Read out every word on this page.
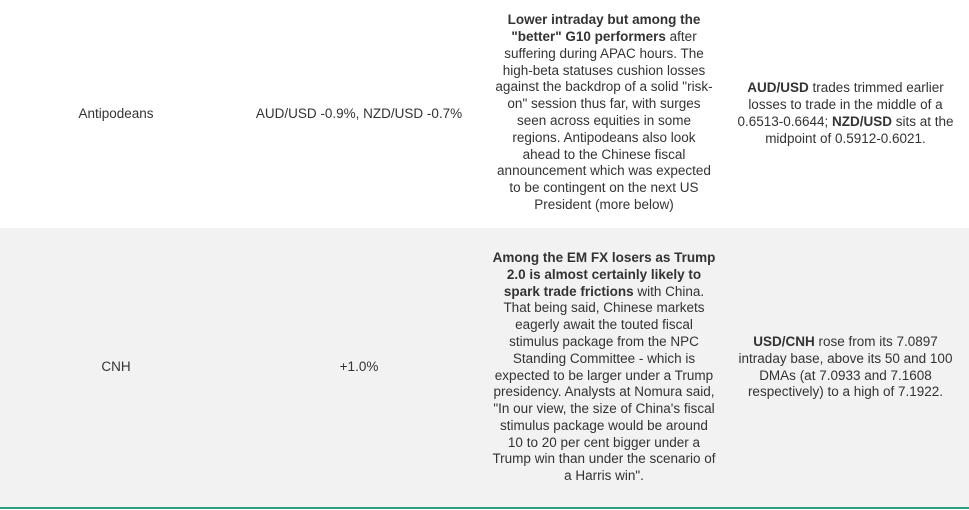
Antipodeans	AUD/USD -0.9%, NZD/USD -0.7%	Lower intraday but among the "better" G10 performers after suffering during APAC hours. The high-beta statuses cushion losses against the backdrop of a solid "risk-on" session thus far, with surges seen across equities in some regions. Antipodeans also look ahead to the Chinese fiscal announcement which was expected to be contingent on the next US President (more below)	AUD/USD trades trimmed earlier losses to trade in the middle of a 0.6513-0.6644; NZD/USD sits at the midpoint of 0.5912-0.6021.
CNH	+1.0%	Among the EM FX losers as Trump 2.0 is almost certainly likely to spark trade frictions with China. That being said, Chinese markets eagerly await the touted fiscal stimulus package from the NPC Standing Committee - which is expected to be larger under a Trump presidency. Analysts at Nomura said, "In our view, the size of China's fiscal stimulus package would be around 10 to 20 per cent bigger under a Trump win than under the scenario of a Harris win".	USD/CNH rose from its 7.0897 intraday base, above its 50 and 100 DMAs (at 7.0933 and 7.1608 respectively) to a high of 7.1922.
